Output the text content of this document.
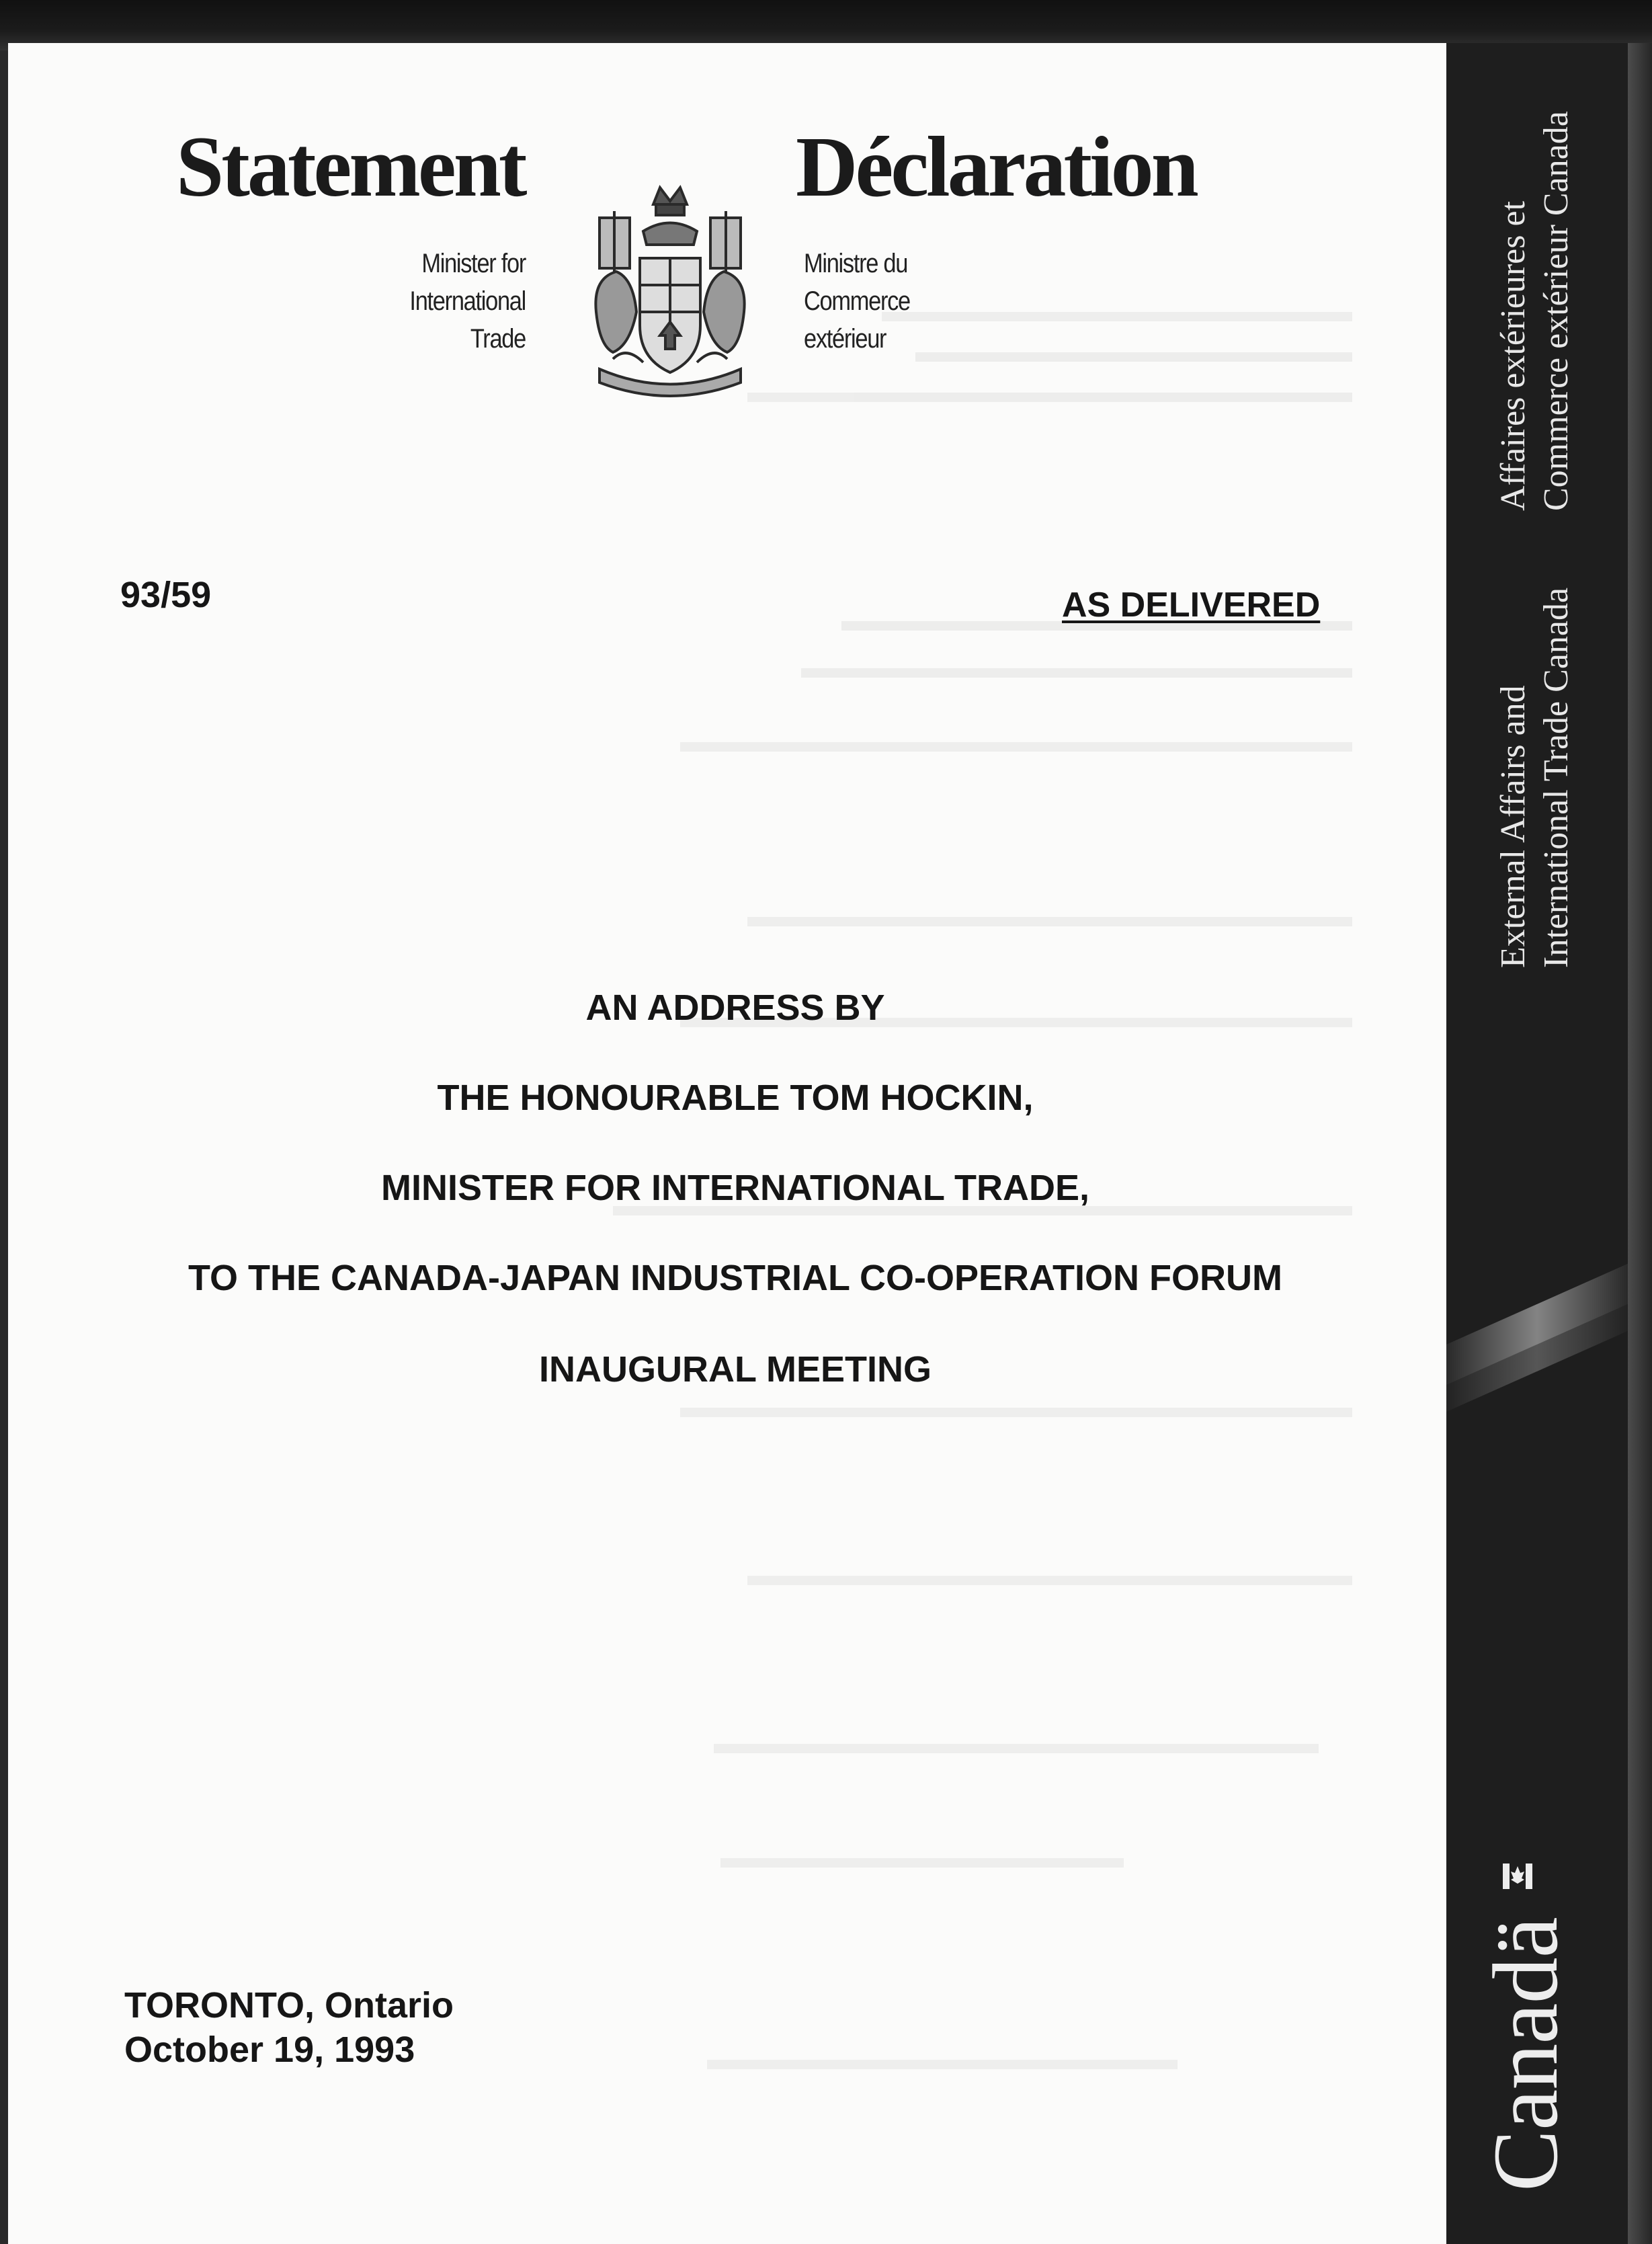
Statement	Déclaration
Minister for
International
Trade
Ministre du
Commerce
extérieur
93/59	AS DELIVERED

AN ADDRESS BY

THE HONOURABLE TOM HOCKIN,

MINISTER FOR INTERNATIONAL TRADE,

TO THE CANADA-JAPAN INDUSTRIAL CO-OPERATION FORUM

INAUGURAL MEETING

TORONTO, Ontario
October 19, 1993
Affaires extérieures et Commerce extérieur Canada
External Affairs and International Trade Canada
Canadä
